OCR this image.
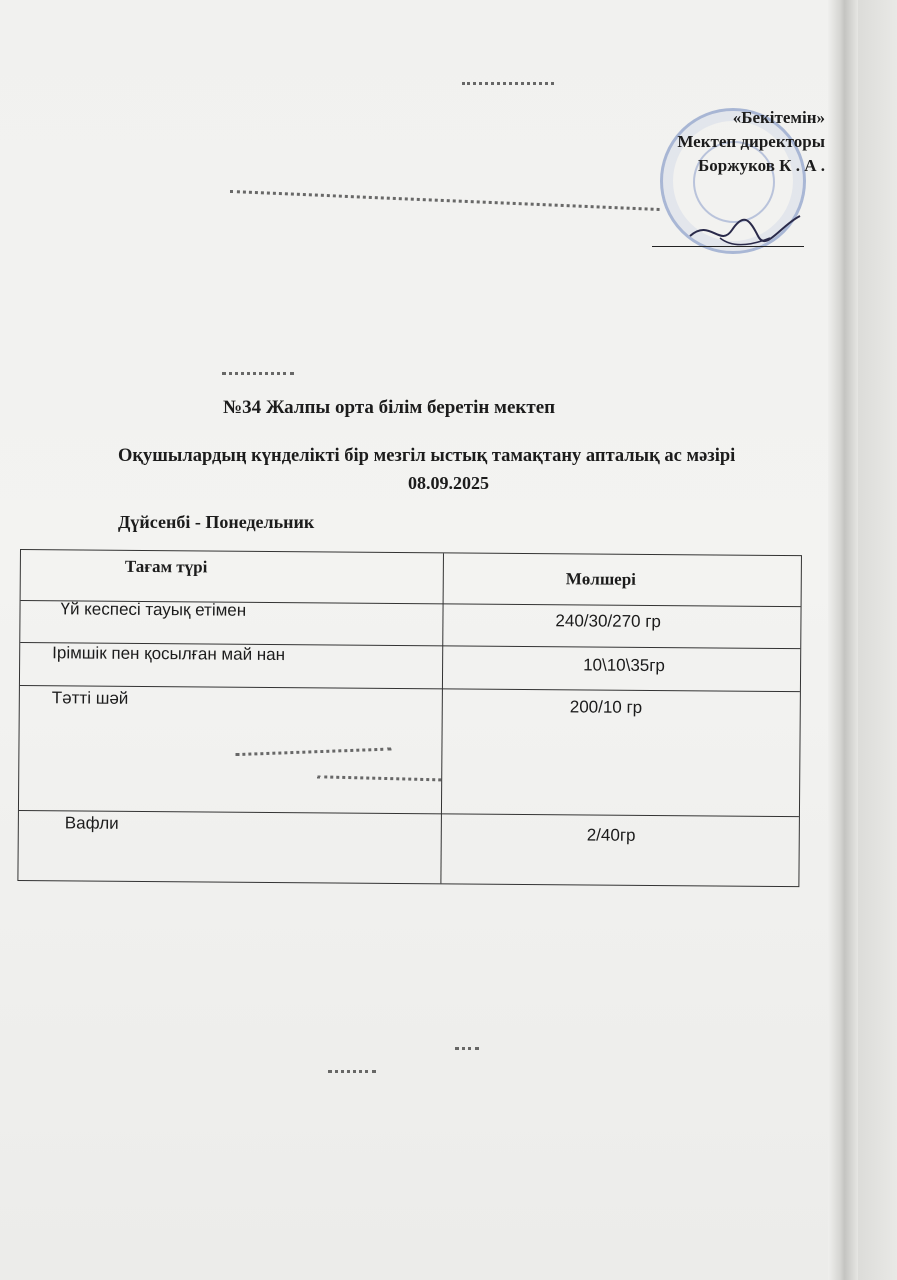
«Бекітемін»
Мектеп директоры
Боржуков К . А .
№34 Жалпы орта білім беретін мектеп
Оқушылардың күнделікті бір мезгіл ыстық тамақтану апталық ас мәзірі
08.09.2025
Дүйсенбі - Понедельник
Тағам түрі
Мөлшері
Үй кеспесі тауық етімен
240/30/270 гр
Ірімшік пен қосылған май нан
10\10\35гр
Тәтті шәй	200/10 гр
Вафли
2/40гр
